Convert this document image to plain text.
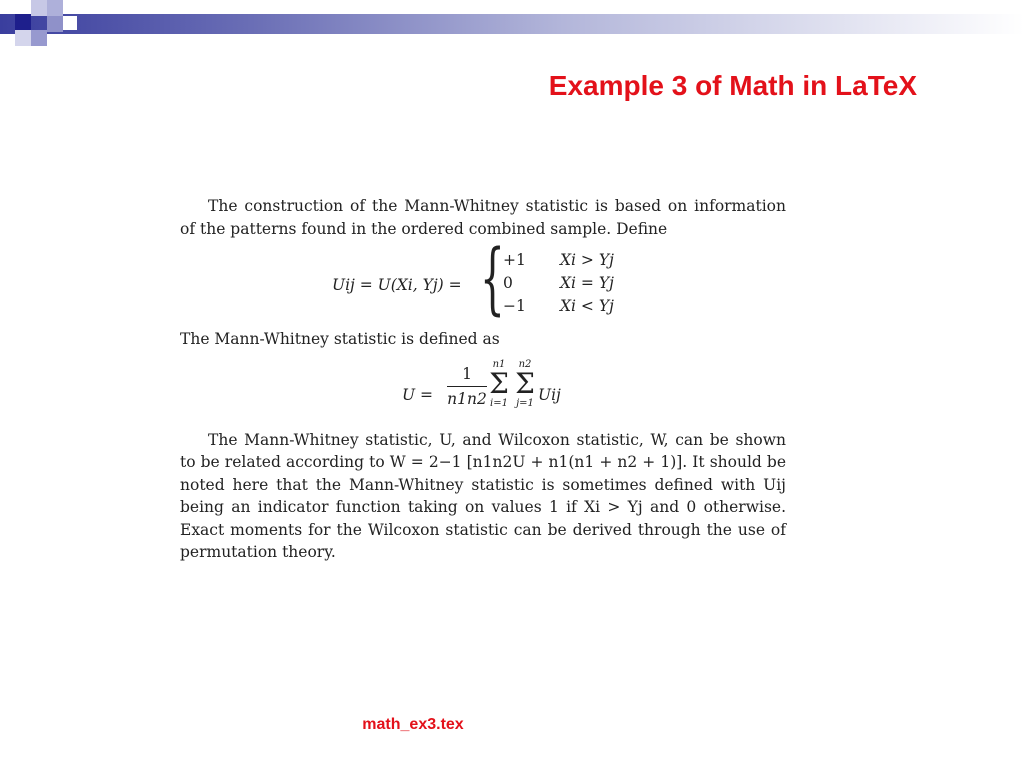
Example 3 of Math in LaTeX

The construction of the Mann-Whitney statistic is based on information of the patterns found in the ordered combined sample. Define

Uij = U(Xi, Yj) = {
+1 Xi > Yj
0	Xi = Yj
−1 Xi < Yj

The Mann-Whitney statistic is defined as

U =
1
n1n2
n1
Σ
i=1
n2
Σ
j=1 Uij

The Mann-Whitney statistic, U, and Wilcoxon statistic, W, can be shown to be related according to W = 2−1 [n1n2U + n1(n1 + n2 + 1)]. It should be noted here that the Mann-Whitney statistic is sometimes defined with Uij being an indicator function taking on values 1 if Xi > Yj and 0 otherwise. Exact moments for the Wilcoxon statistic can be derived through the use of permutation theory.

math_ex3.tex
